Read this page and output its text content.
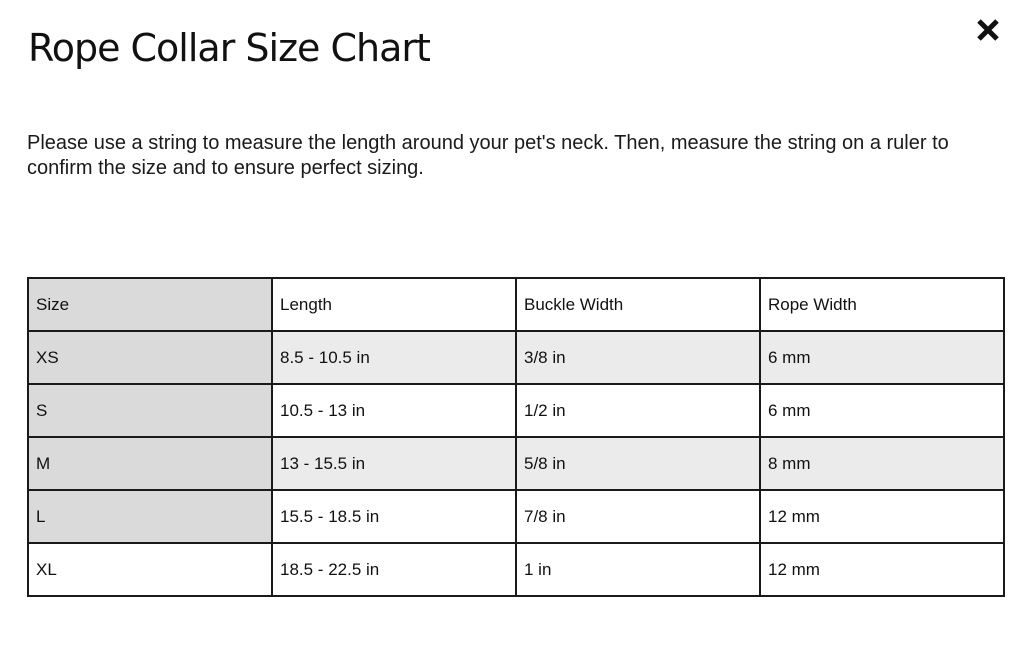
Rope Collar Size Chart

Please use a string to measure the length around your pet's neck. Then, measure the string on a ruler to confirm the size and to ensure perfect sizing.

Size	Length	Buckle Width	Rope Width
XS	8.5 - 10.5 in	3/8 in	6 mm
S	10.5 - 13 in	1/2 in	6 mm
M	13 - 15.5 in	5/8 in	8 mm
L	15.5 - 18.5 in	7/8 in	12 mm
XL	18.5 - 22.5 in	1 in	12 mm
